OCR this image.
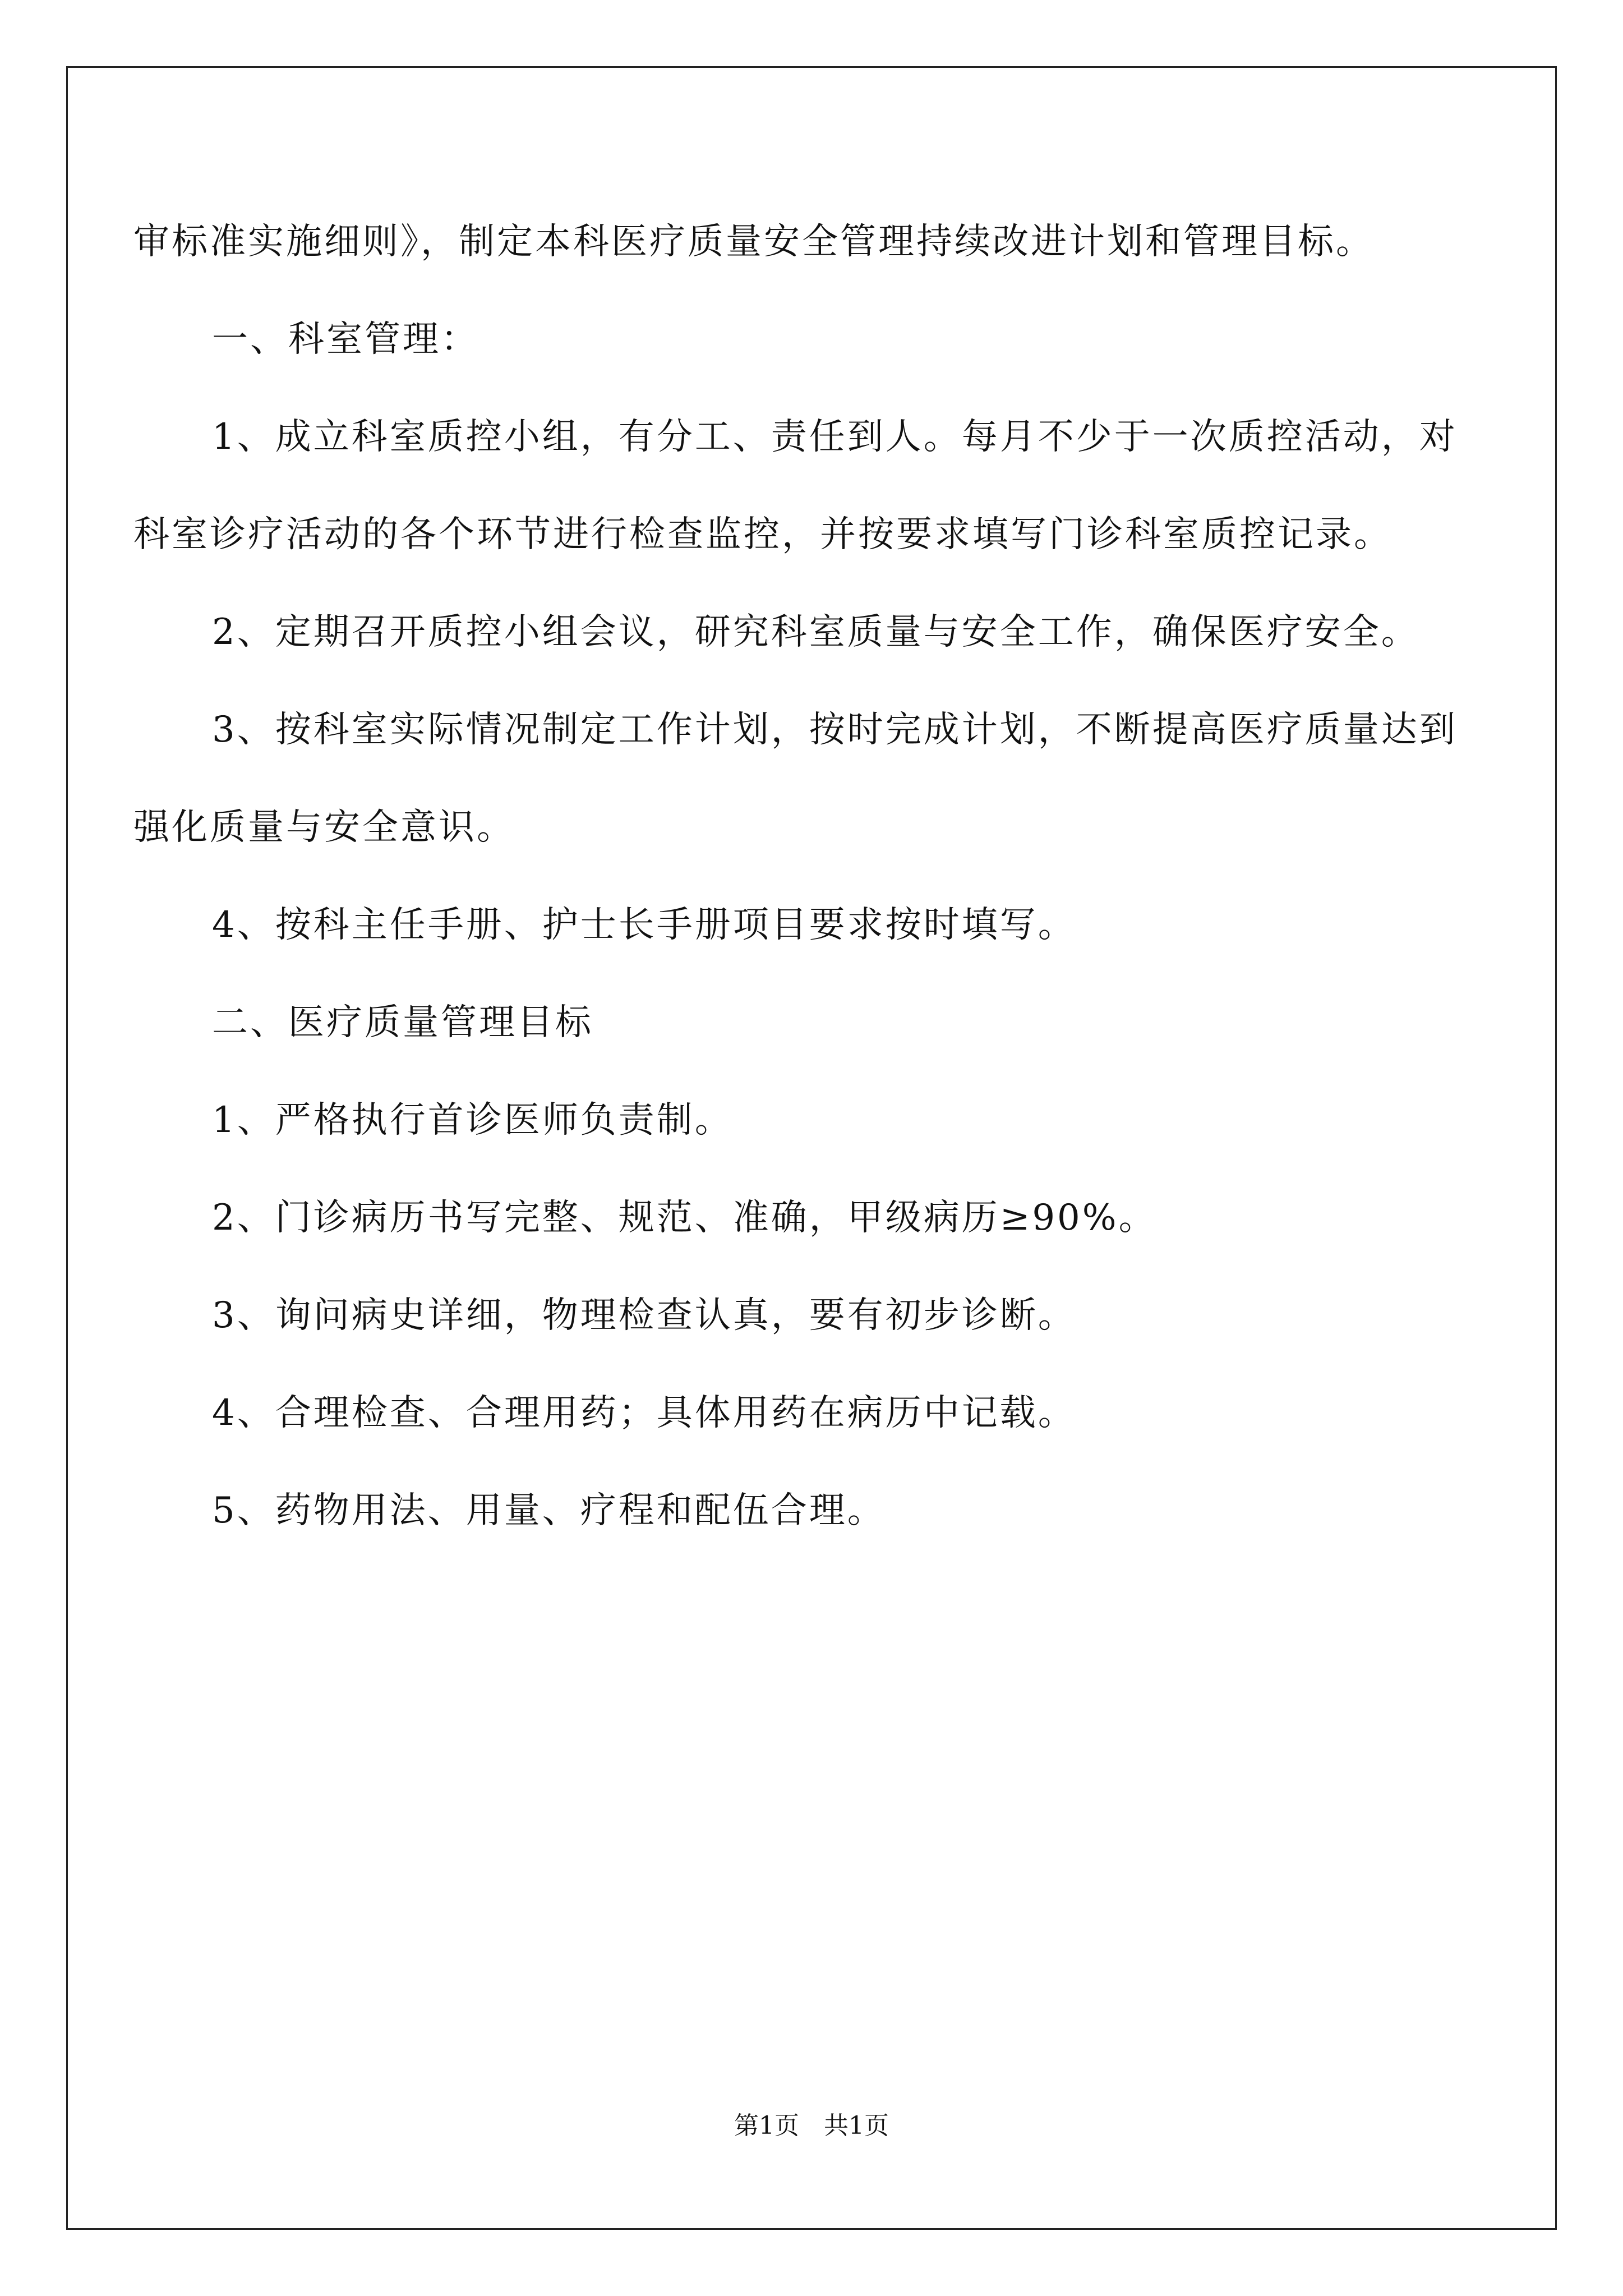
审标准实施细则》，制定本科医疗质量安全管理持续改进计划和管理目标。

一、科室管理：

1、成立科室质控小组，有分工、责任到人。每月不少于一次质控活动，对科室诊疗活动的各个环节进行检查监控，并按要求填写门诊科室质控记录。

2、定期召开质控小组会议，研究科室质量与安全工作，确保医疗安全。

3、按科室实际情况制定工作计划，按时完成计划，不断提高医疗质量达到强化质量与安全意识。

4、按科主任手册、护士长手册项目要求按时填写。

二、医疗质量管理目标

1、严格执行首诊医师负责制。

2、门诊病历书写完整、规范、准确，甲级病历≥90%。

3、询问病史详细，物理检查认真，要有初步诊断。

4、合理检查、合理用药；具体用药在病历中记载。

5、药物用法、用量、疗程和配伍合理。

第1页　共1页
